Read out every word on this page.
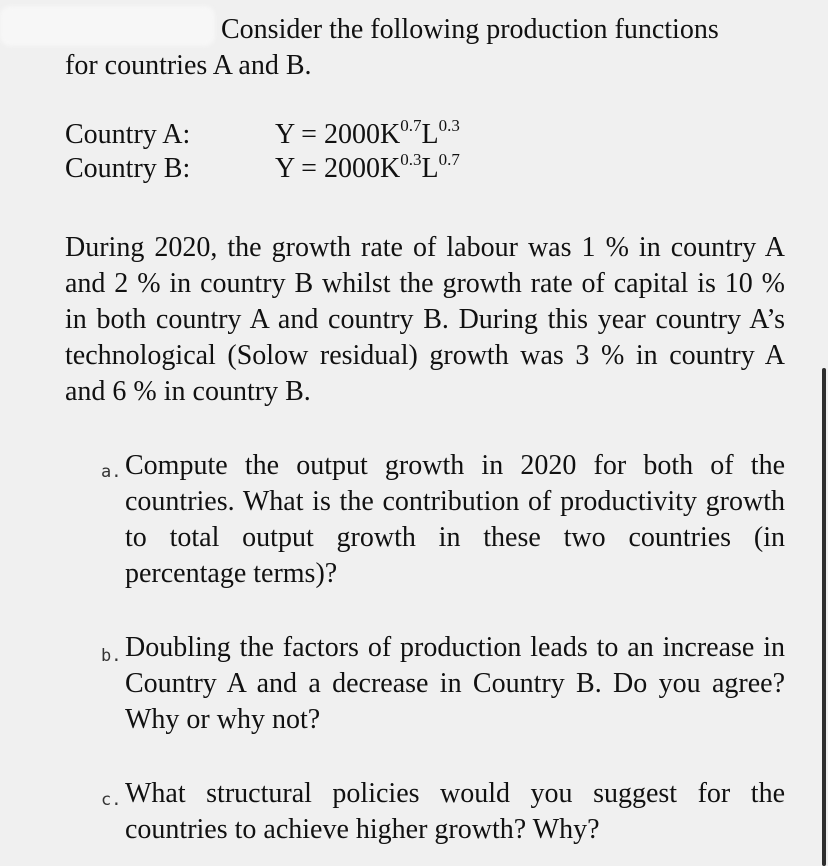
Consider the following production functions
for countries A and B.
Country A:	$Y = 2000K^{0.7}L^{0.3}$
Country B:	$Y = 2000K^{0.3}L^{0.7}$
During 2020, the growth rate of labour was 1 % in country A and 2 % in country B whilst the growth rate of capital is 10 % in both country A and country B. During this year country A’s technological (Solow residual) growth was 3 % in country A and 6 % in country B.
a. Compute the output growth in 2020 for both of the countries. What is the contribution of productivity growth to total output growth in these two countries (in percentage terms)?
b. Doubling the factors of production leads to an increase in Country A and a decrease in Country B. Do you agree? Why or why not?
c. What structural policies would you suggest for the countries to achieve higher growth? Why?
